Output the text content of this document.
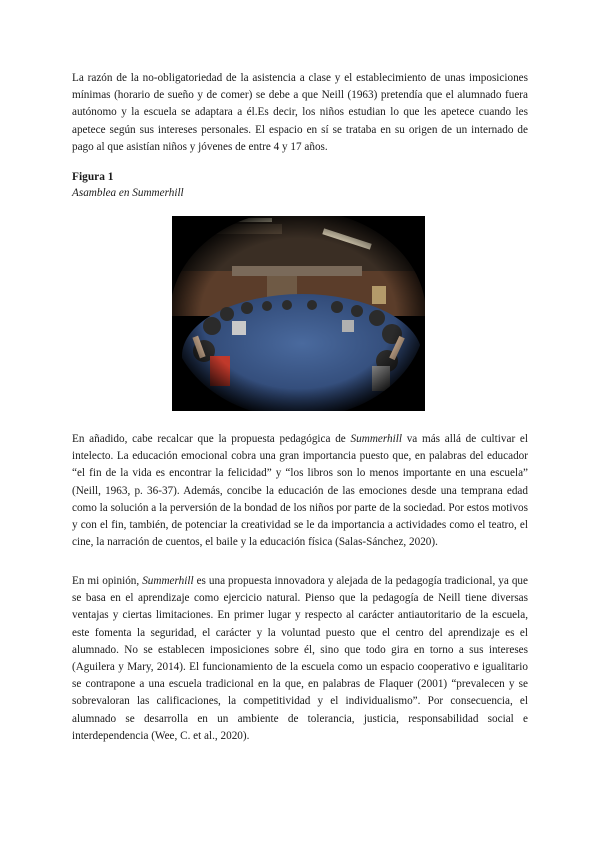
La razón de la no-obligatoriedad de la asistencia a clase y el establecimiento de unas imposiciones mínimas (horario de sueño y de comer) se debe a que Neill (1963) pretendía que el alumnado fuera autónomo y la escuela se adaptara a él.Es decir, los niños estudian lo que les apetece cuando les apetece según sus intereses personales. El espacio en sí se trataba en su origen de un internado de pago al que asistían niños y jóvenes de entre 4 y 17 años.

Figura 1

Asamblea en Summerhill

En añadido, cabe recalcar que la propuesta pedagógica de Summerhill va más allá de cultivar el intelecto. La educación emocional cobra una gran importancia puesto que, en palabras del educador “el fin de la vida es encontrar la felicidad” y “los libros son lo menos importante en una escuela” (Neill, 1963, p. 36-37). Además, concibe la educación de las emociones desde una temprana edad como la solución a la perversión de la bondad de los niños por parte de la sociedad. Por estos motivos y con el fin, también, de potenciar la creatividad se le da importancia a actividades como el teatro, el cine, la narración de cuentos, el baile y la educación física (Salas-Sánchez, 2020).

En mi opinión, Summerhill es una propuesta innovadora y alejada de la pedagogía tradicional, ya que se basa en el aprendizaje como ejercicio natural. Pienso que la pedagogía de Neill tiene diversas ventajas y ciertas limitaciones. En primer lugar y respecto al carácter antiautoritario de la escuela, este fomenta la seguridad, el carácter y la voluntad puesto que el centro del aprendizaje es el alumnado. No se establecen imposiciones sobre él, sino que todo gira en torno a sus intereses (Aguilera y Mary, 2014). El funcionamiento de la escuela como un espacio cooperativo e igualitario se contrapone a una escuela tradicional en la que, en palabras de Flaquer (2001) “prevalecen y se sobrevaloran las calificaciones, la competitividad y el individualismo”. Por consecuencia, el alumnado se desarrolla en un ambiente de tolerancia, justicia, responsabilidad social e interdependencia (Wee, C. et al., 2020).
